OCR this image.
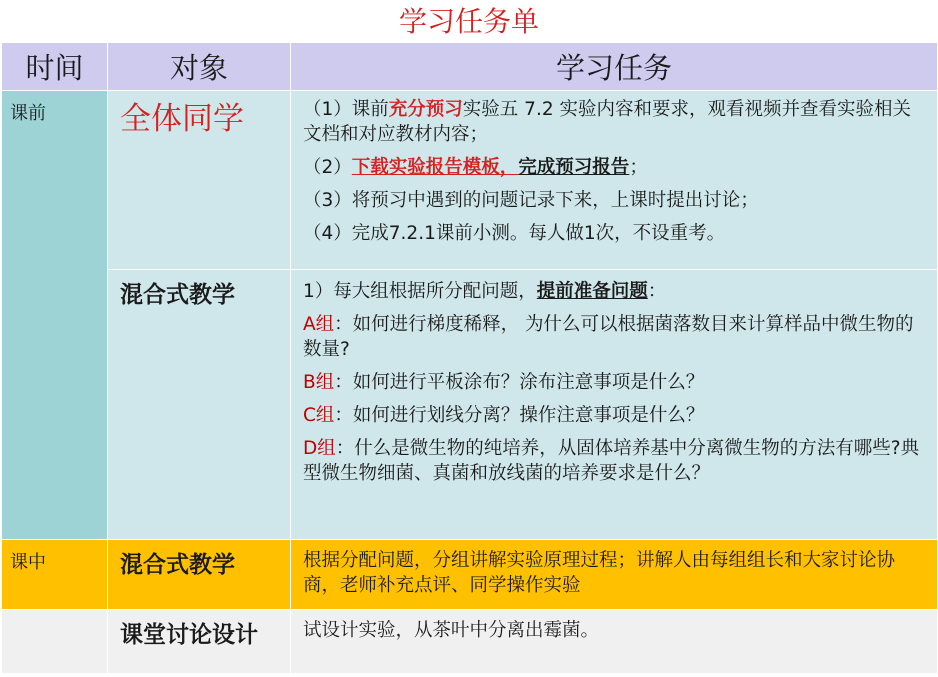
学习任务单
时间	对象	学习任务
课前	全体同学	（1）课前充分预习实验五 7.2 实验内容和要求，观看视频并查看实验相关文档和对应教材内容；
（2）下载实验报告模板，完成预习报告；
（3）将预习中遇到的问题记录下来，上课时提出讨论；
（4）完成7.2.1课前小测。每人做1次，不设重考。

	混合式教学	1）每大组根据所分配问题，提前准备问题：
A组：如何进行梯度稀释， 为什么可以根据菌落数目来计算样品中微生物的数量?
B组：如何进行平板涂布？涂布注意事项是什么？
C组：如何进行划线分离？操作注意事项是什么？
D组：什么是微生物的纯培养，从固体培养基中分离微生物的方法有哪些?典型微生物细菌、真菌和放线菌的培养要求是什么？

课中	混合式教学	根据分配问题，分组讲解实验原理过程；讲解人由每组组长和大家讨论协商，老师补充点评、同学操作实验

	课堂讨论设计	试设计实验，从茶叶中分离出霉菌。
